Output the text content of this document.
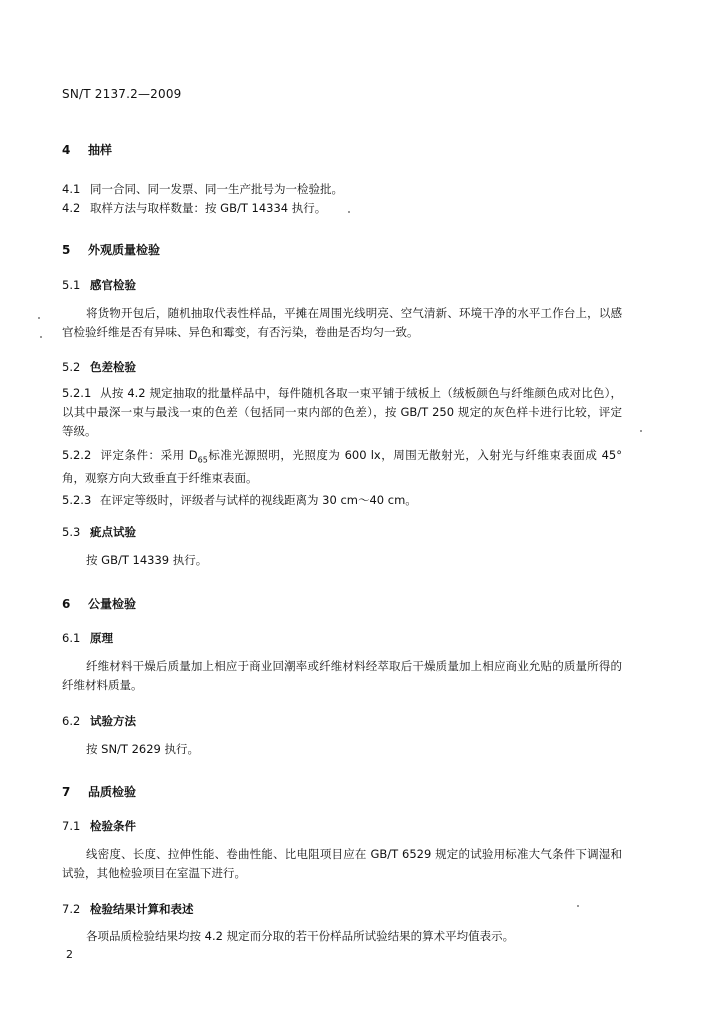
SN/T 2137.2—2009
4 抽样
4.1 同一合同、同一发票、同一生产批号为一检验批。
4.2 取样方法与取样数量：按 GB/T 14334 执行。
5 外观质量检验
5.1 感官检验
将货物开包后，随机抽取代表性样品，平摊在周围光线明亮、空气清新、环境干净的水平工作台上，以感官检验纤维是否有异味、异色和霉变，有否污染，卷曲是否均匀一致。
5.2 色差检验
5.2.1 从按 4.2 规定抽取的批量样品中，每件随机各取一束平铺于绒板上（绒板颜色与纤维颜色成对比色），以其中最深一束与最浅一束的色差（包括同一束内部的色差），按 GB/T 250 规定的灰色样卡进行比较，评定等级。
5.2.2 评定条件：采用 $D_{65}$标准光源照明，光照度为 600 lx，周围无散射光，入射光与纤维束表面成 45°角，观察方向大致垂直于纤维束表面。
5.2.3 在评定等级时，评级者与试样的视线距离为 30 cm～40 cm。
5.3 疵点试验
按 GB/T 14339 执行。
6 公量检验
6.1 原理
纤维材料干燥后质量加上相应于商业回潮率或纤维材料经萃取后干燥质量加上相应商业允贴的质量所得的纤维材料质量。
6.2 试验方法
按 SN/T 2629 执行。
7 品质检验
7.1 检验条件
线密度、长度、拉伸性能、卷曲性能、比电阻项目应在 GB/T 6529 规定的试验用标准大气条件下调湿和试验，其他检验项目在室温下进行。
7.2 检验结果计算和表述
各项品质检验结果均按 4.2 规定而分取的若干份样品所试验结果的算术平均值表示。
2
